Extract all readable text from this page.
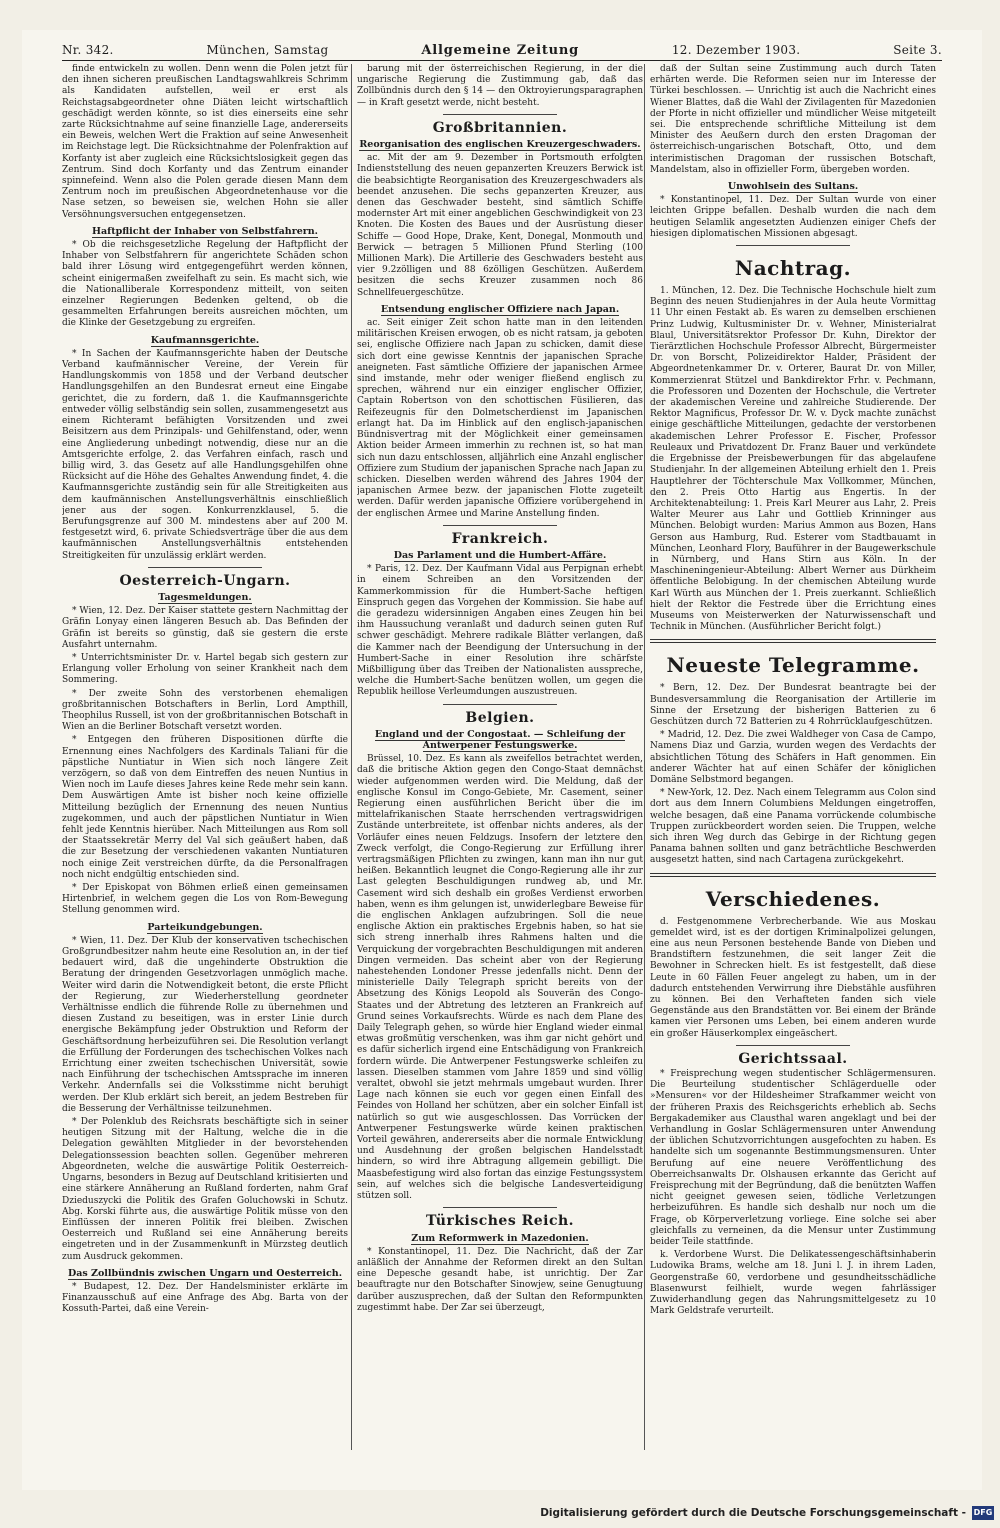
Nr. 342.	München, Samstag	Allgemeine Zeitung	12. Dezember 1903.	Seite 3.

finde entwickeln zu wollen. Denn wenn die Polen jetzt für den ihnen sicheren preußischen Landtagswahlkreis Schrimm als Kandidaten aufstellen, weil er erst als Reichstagsabgeordneter ohne Diäten leicht wirtschaftlich geschädigt werden könnte, so ist dies einerseits eine sehr zarte Rücksichtnahme auf seine finanzielle Lage, andererseits ein Beweis, welchen Wert die Fraktion auf seine Anwesenheit im Reichstage legt. Die Rücksichtnahme der Polenfraktion auf Korfanty ist aber zugleich eine Rücksichtslosigkeit gegen das Zentrum. Sind doch Korfanty und das Zentrum einander spinnefeind. Wenn also die Polen gerade diesen Mann dem Zentrum noch im preußischen Abgeordnetenhause vor die Nase setzen, so beweisen sie, welchen Hohn sie aller Versöhnungsversuchen entgegensetzen.

Haftpflicht der Inhaber von Selbstfahrern.

* Ob die reichsgesetzliche Regelung der Haftpflicht der Inhaber von Selbstfahrern für angerichtete Schäden schon bald ihrer Lösung wird entgegengeführt werden können, scheint einigermaßen zweifelhaft zu sein. Es macht sich, wie die Nationalliberale Korrespondenz mitteilt, von seiten einzelner Regierungen Bedenken geltend, ob die gesammelten Erfahrungen bereits ausreichen möchten, um die Klinke der Gesetzgebung zu ergreifen.

Kaufmannsgerichte.

* In Sachen der Kaufmannsgerichte haben der Deutsche Verband kaufmännischer Vereine, der Verein für Handlungskommis von 1858 und der Verband deutscher Handlungsgehilfen an den Bundesrat erneut eine Eingabe gerichtet, die zu fordern, daß 1. die Kaufmannsgerichte entweder völlig selbständig sein sollen, zusammengesetzt aus einem Richteramt befähigten Vorsitzenden und zwei Beisitzern aus dem Prinzipals- und Gehilfenstand, oder, wenn eine Angliederung unbedingt notwendig, diese nur an die Amtsgerichte erfolge, 2. das Verfahren einfach, rasch und billig wird, 3. das Gesetz auf alle Handlungsgehilfen ohne Rücksicht auf die Höhe des Gehaltes Anwendung findet, 4. die Kaufmannsgerichte zuständig sein für alle Streitigkeiten aus dem kaufmännischen Anstellungsverhältnis einschließlich jener aus der sogen. Konkurrenzklausel, 5. die Berufungsgrenze auf 300 M. mindestens aber auf 200 M. festgesetzt wird, 6. private Schiedsverträge über die aus dem kaufmännischen Anstellungsverhältnis entstehenden Streitigkeiten für unzulässig erklärt werden.

Oesterreich-Ungarn.
Tagesmeldungen.

* Wien, 12. Dez. Der Kaiser stattete gestern Nachmittag der Gräfin Lonyay einen längeren Besuch ab. Das Befinden der Gräfin ist bereits so günstig, daß sie gestern die erste Ausfahrt unternahm.

* Unterrichtsminister Dr. v. Hartel begab sich gestern zur Erlangung voller Erholung von seiner Krankheit nach dem Sommering.

* Der zweite Sohn des verstorbenen ehemaligen großbritannischen Botschafters in Berlin, Lord Ampthill, Theophilus Russell, ist von der großbritannischen Botschaft in Wien an die Berliner Botschaft versetzt worden.

* Entgegen den früheren Dispositionen dürfte die Ernennung eines Nachfolgers des Kardinals Taliani für die päpstliche Nuntiatur in Wien sich noch längere Zeit verzögern, so daß von dem Eintreffen des neuen Nuntius in Wien noch im Laufe dieses Jahres keine Rede mehr sein kann. Dem Auswärtigen Amte ist bisher noch keine offizielle Mitteilung bezüglich der Ernennung des neuen Nuntius zugekommen, und auch der päpstlichen Nuntiatur in Wien fehlt jede Kenntnis hierüber. Nach Mitteilungen aus Rom soll der Staatssekretär Merry del Val sich geäußert haben, daß die zur Besetzung der verschiedenen vakanten Nuntiaturen noch einige Zeit verstreichen dürfte, da die Personalfragen noch nicht endgültig entschieden sind.

* Der Episkopat von Böhmen erließ einen gemeinsamen Hirtenbrief, in welchem gegen die Los von Rom-Bewegung Stellung genommen wird.

Parteikundgebungen.

* Wien, 11. Dez. Der Klub der konservativen tschechischen Großgrundbesitzer nahm heute eine Resolution an, in der tief bedauert wird, daß die ungehinderte Obstruktion die Beratung der dringenden Gesetzvorlagen unmöglich mache. Weiter wird darin die Notwendigkeit betont, die erste Pflicht der Regierung, zur Wiederherstellung geordneter Verhältnisse endlich die führende Rolle zu übernehmen und diesen Zustand zu beseitigen, was in erster Linie durch energische Bekämpfung jeder Obstruktion und Reform der Geschäftsordnung herbeizuführen sei. Die Resolution verlangt die Erfüllung der Forderungen des tschechischen Volkes nach Errichtung einer zweiten tschechischen Universität, sowie nach Einführung der tschechischen Amtssprache im inneren Verkehr. Andernfalls sei die Volksstimme nicht beruhigt werden. Der Klub erklärt sich bereit, an jedem Bestreben für die Besserung der Verhältnisse teilzunehmen.

* Der Polenklub des Reichsrats beschäftigte sich in seiner heutigen Sitzung mit der Haltung, welche die in die Delegation gewählten Mitglieder in der bevorstehenden Delegationssession beachten sollen. Gegenüber mehreren Abgeordneten, welche die auswärtige Politik Oesterreich-Ungarns, besonders in Bezug auf Deutschland kritisierten und eine stärkere Annäherung an Rußland forderten, nahm Graf Dzieduszycki die Politik des Grafen Goluchowski in Schutz. Abg. Korski führte aus, die auswärtige Politik müsse von den Einflüssen der inneren Politik frei bleiben. Zwischen Oesterreich und Rußland sei eine Annäherung bereits eingetreten und in der Zusammenkunft in Mürzsteg deutlich zum Ausdruck gekommen.

Das Zollbündnis zwischen Ungarn und Oesterreich.

* Budapest, 12. Dez. Der Handelsminister erklärte im Finanzausschuß auf eine Anfrage des Abg. Barta von der Kossuth-Partei, daß eine Verein-

barung mit der österreichischen Regierung, in der die ungarische Regierung die Zustimmung gab, daß das Zollbündnis durch den § 14 — den Oktroyierungsparagraphen — in Kraft gesetzt werde, nicht besteht.

Großbritannien.
Reorganisation des englischen Kreuzergeschwaders.

ac. Mit der am 9. Dezember in Portsmouth erfolgten Indienststellung des neuen gepanzerten Kreuzers Berwick ist die beabsichtigte Reorganisation des Kreuzergeschwaders als beendet anzusehen. Die sechs gepanzerten Kreuzer, aus denen das Geschwader besteht, sind sämtlich Schiffe modernster Art mit einer angeblichen Geschwindigkeit von 23 Knoten. Die Kosten des Baues und der Ausrüstung dieser Schiffe — Good Hope, Drake, Kent, Donegal, Monmouth und Berwick — betragen 5 Millionen Pfund Sterling (100 Millionen Mark). Die Artillerie des Geschwaders besteht aus vier 9.2zölligen und 88 6zölligen Geschützen. Außerdem besitzen die sechs Kreuzer zusammen noch 86 Schnellfeuergeschütze.

Entsendung englischer Offiziere nach Japan.

ac. Seit einiger Zeit schon hatte man in den leitenden militärischen Kreisen erwogen, ob es nicht ratsam, ja geboten sei, englische Offiziere nach Japan zu schicken, damit diese sich dort eine gewisse Kenntnis der japanischen Sprache aneigneten. Fast sämtliche Offiziere der japanischen Armee sind imstande, mehr oder weniger fließend englisch zu sprechen, während nur ein einziger englischer Offizier, Captain Robertson von den schottischen Füsilieren, das Reifezeugnis für den Dolmetscherdienst im Japanischen erlangt hat. Da im Hinblick auf den englisch-japanischen Bündnisvertrag mit der Möglichkeit einer gemeinsamen Aktion beider Armeen immerhin zu rechnen ist, so hat man sich nun dazu entschlossen, alljährlich eine Anzahl englischer Offiziere zum Studium der japanischen Sprache nach Japan zu schicken. Dieselben werden während des Jahres 1904 der japanischen Armee bezw. der japanischen Flotte zugeteilt werden. Dafür werden japanische Offiziere vorübergehend in der englischen Armee und Marine Anstellung finden.

Frankreich.
Das Parlament und die Humbert-Affäre.

* Paris, 12. Dez. Der Kaufmann Vidal aus Perpignan erhebt in einem Schreiben an den Vorsitzenden der Kammerkommission für die Humbert-Sache heftigen Einspruch gegen das Vorgehen der Kommission. Sie habe auf die geradezu widersinnigen Angaben eines Zeugen hin bei ihm Haussuchung veranlaßt und dadurch seinen guten Ruf schwer geschädigt. Mehrere radikale Blätter verlangen, daß die Kammer nach der Beendigung der Untersuchung in der Humbert-Sache in einer Resolution ihre schärfste Mißbilligung über das Treiben der Nationalisten ausspreche, welche die Humbert-Sache benützen wollen, um gegen die Republik heillose Verleumdungen auszustreuen.

Belgien.
England und der Congostaat. — Schleifung der Antwerpener Festungswerke.

Brüssel, 10. Dez. Es kann als zweifellos betrachtet werden, daß die britische Aktion gegen den Congo-Staat demnächst wieder aufgenommen werden wird. Die Meldung, daß der englische Konsul im Congo-Gebiete, Mr. Casement, seiner Regierung einen ausführlichen Bericht über die im mittelafrikanischen Staate herrschenden vertragswidrigen Zustände unterbreitete, ist offenbar nichts anderes, als der Vorläufer eines neuen Feldzugs. Insofern der letztere den Zweck verfolgt, die Congo-Regierung zur Erfüllung ihrer vertragsmäßigen Pflichten zu zwingen, kann man ihn nur gut heißen. Bekanntlich leugnet die Congo-Regierung alle ihr zur Last gelegten Beschuldigungen rundweg ab, und Mr. Casement wird sich deshalb ein großes Verdienst erworben haben, wenn es ihm gelungen ist, unwiderlegbare Beweise für die englischen Anklagen aufzubringen. Soll die neue englische Aktion ein praktisches Ergebnis haben, so hat sie sich streng innerhalb ihres Rahmens halten und die Verquickung der vorgebrachten Beschuldigungen mit anderen Dingen vermeiden. Das scheint aber von der Regierung nahestehenden Londoner Presse jedenfalls nicht. Denn der ministerielle Daily Telegraph spricht bereits von der Absetzung des Königs Leopold als Souverän des Congo-Staates und der Abtretung des letzteren an Frankreich auf Grund seines Vorkaufsrechts. Würde es nach dem Plane des Daily Telegraph gehen, so würde hier England wieder einmal etwas großmütig verschenken, was ihm gar nicht gehört und es dafür sicherlich irgend eine Entschädigung von Frankreich fordern würde. Die Antwerpener Festungswerke schleifen zu lassen. Dieselben stammen vom Jahre 1859 und sind völlig veraltet, obwohl sie jetzt mehrmals umgebaut wurden. Ihrer Lage nach können sie euch vor gegen einen Einfall des Feindes von Holland her schützen, aber ein solcher Einfall ist natürlich so gut wie ausgeschlossen. Das Vorrücken der Antwerpener Festungswerke würde keinen praktischen Vorteil gewähren, andererseits aber die normale Entwicklung und Ausdehnung der großen belgischen Handelsstadt hindern, so wird ihre Abtragung allgemein gebilligt. Die Maasbefestigung wird also fortan das einzige Festungssystem sein, auf welches sich die belgische Landesverteidigung stützen soll.

Türkisches Reich.
Zum Reformwerk in Mazedonien.

* Konstantinopel, 11. Dez. Die Nachricht, daß der Zar anläßlich der Annahme der Reformen direkt an den Sultan eine Depesche gesandt habe, ist unrichtig. Der Zar beauftragte nur den Botschafter Sinowjew, seine Genugtuung darüber auszusprechen, daß der Sultan den Reformpunkten zugestimmt habe. Der Zar sei überzeugt,

daß der Sultan seine Zustimmung auch durch Taten erhärten werde. Die Reformen seien nur im Interesse der Türkei beschlossen. — Unrichtig ist auch die Nachricht eines Wiener Blattes, daß die Wahl der Zivilagenten für Mazedonien der Pforte in nicht offizieller und mündlicher Weise mitgeteilt sei. Die entsprechende schriftliche Mitteilung ist dem Minister des Aeußern durch den ersten Dragoman der österreichisch-ungarischen Botschaft, Otto, und dem interimistischen Dragoman der russischen Botschaft, Mandelstam, also in offizieller Form, übergeben worden.

Unwohlsein des Sultans.

* Konstantinopel, 11. Dez. Der Sultan wurde von einer leichten Grippe befallen. Deshalb wurden die nach dem heutigen Selamlik angesetzten Audienzen einiger Chefs der hiesigen diplomatischen Missionen abgesagt.

Nachtrag.

1. München, 12. Dez. Die Technische Hochschule hielt zum Beginn des neuen Studienjahres in der Aula heute Vormittag 11 Uhr einen Festakt ab. Es waren zu demselben erschienen Prinz Ludwig, Kultusminister Dr. v. Wehner, Ministerialrat Blaul, Universitätsrektor Professor Dr. Kuhn, Direktor der Tierärztlichen Hochschule Professor Albrecht, Bürgermeister Dr. von Borscht, Polizeidirektor Halder, Präsident der Abgeordnetenkammer Dr. v. Orterer, Baurat Dr. von Miller, Kommerzienrat Stützel und Bankdirektor Frhr. v. Pechmann, die Professoren und Dozenten der Hochschule, die Vertreter der akademischen Vereine und zahlreiche Studierende. Der Rektor Magnificus, Professor Dr. W. v. Dyck machte zunächst einige geschäftliche Mitteilungen, gedachte der verstorbenen akademischen Lehrer Professor E. Fischer, Professor Reuleaux und Privatdozent Dr. Franz Bauer und verkündete die Ergebnisse der Preisbewerbungen für das abgelaufene Studienjahr. In der allgemeinen Abteilung erhielt den 1. Preis Hauptlehrer der Töchterschule Max Vollkommer, München, den 2. Preis Otto Hartig aus Engertis. In der Architektenabteilung: 1. Preis Karl Meurer aus Lahr, 2. Preis Walter Meurer aus Lahr und Gottlieb Krinninger aus München. Belobigt wurden: Marius Ammon aus Bozen, Hans Gerson aus Hamburg, Rud. Esterer vom Stadtbauamt in München, Leonhard Flory, Bauführer in der Baugewerkschule in Nürnberg, und Hans Stirn aus Köln. In der Maschineningenieur-Abteilung: Albert Werner aus Dürkheim öffentliche Belobigung. In der chemischen Abteilung wurde Karl Würth aus München der 1. Preis zuerkannt. Schließlich hielt der Rektor die Festrede über die Errichtung eines Museums von Meisterwerken der Naturwissenschaft und Technik in München. (Ausführlicher Bericht folgt.)

Neueste Telegramme.

* Bern, 12. Dez. Der Bundesrat beantragte bei der Bundesversammlung die Reorganisation der Artillerie im Sinne der Ersetzung der bisherigen Batterien zu 6 Geschützen durch 72 Batterien zu 4 Rohrrücklaufgeschützen.

* Madrid, 12. Dez. Die zwei Waldheger von Casa de Campo, Namens Diaz und Garzia, wurden wegen des Verdachts der absichtlichen Tötung des Schäfers in Haft genommen. Ein anderer Wächter hat auf einen Schäfer der königlichen Domäne Selbstmord begangen.

* New-York, 12. Dez. Nach einem Telegramm aus Colon sind dort aus dem Innern Columbiens Meldungen eingetroffen, welche besagen, daß eine Panama vorrückende columbische Truppen zurückbeordert worden seien. Die Truppen, welche sich ihren Weg durch das Gebirge in der Richtung gegen Panama bahnen sollten und ganz beträchtliche Beschwerden ausgesetzt hatten, sind nach Cartagena zurückgekehrt.

Verschiedenes.

d. Festgenommene Verbrecherbande. Wie aus Moskau gemeldet wird, ist es der dortigen Kriminalpolizei gelungen, eine aus neun Personen bestehende Bande von Dieben und Brandstiftern festzunehmen, die seit langer Zeit die Bewohner in Schrecken hielt. Es ist festgestellt, daß diese Leute in 60 Fällen Feuer angelegt zu haben, um in der dadurch entstehenden Verwirrung ihre Diebstähle ausführen zu können. Bei den Verhafteten fanden sich viele Gegenstände aus den Brandstätten vor. Bei einem der Brände kamen vier Personen ums Leben, bei einem anderen wurde ein großer Häuserkomplex eingeäschert.

Gerichtssaal.

* Freisprechung wegen studentischer Schlägermensuren. Die Beurteilung studentischer Schlägerduelle oder »Mensuren« vor der Hildesheimer Strafkammer weicht von der früheren Praxis des Reichsgerichts erheblich ab. Sechs Bergakademiker aus Clausthal waren angeklagt und bei der Verhandlung in Goslar Schlägermensuren unter Anwendung der üblichen Schutzvorrichtungen ausgefochten zu haben. Es handelte sich um sogenannte Bestimmungsmensuren. Unter Berufung auf eine neuere Veröffentlichung des Oberreichsanwalts Dr. Olshausen erkannte das Gericht auf Freisprechung mit der Begründung, daß die benützten Waffen nicht geeignet gewesen seien, tödliche Verletzungen herbeizuführen. Es handle sich deshalb nur noch um die Frage, ob Körperverletzung vorliege. Eine solche sei aber gleichfalls zu verneinen, da die Mensur unter Zustimmung beider Teile stattfinde.

k. Verdorbene Wurst. Die Delikatessengeschäftsinhaberin Ludowika Brams, welche am 18. Juni l. J. in ihrem Laden, Georgenstraße 60, verdorbene und gesundheitsschädliche Blasenwurst feilhielt, wurde wegen fahrlässiger Zuwiderhandlung gegen das Nahrungsmittelgesetz zu 10 Mark Geldstrafe verurteilt.

Digitalisierung gefördert durch die Deutsche Forschungsgemeinschaft - DFG
